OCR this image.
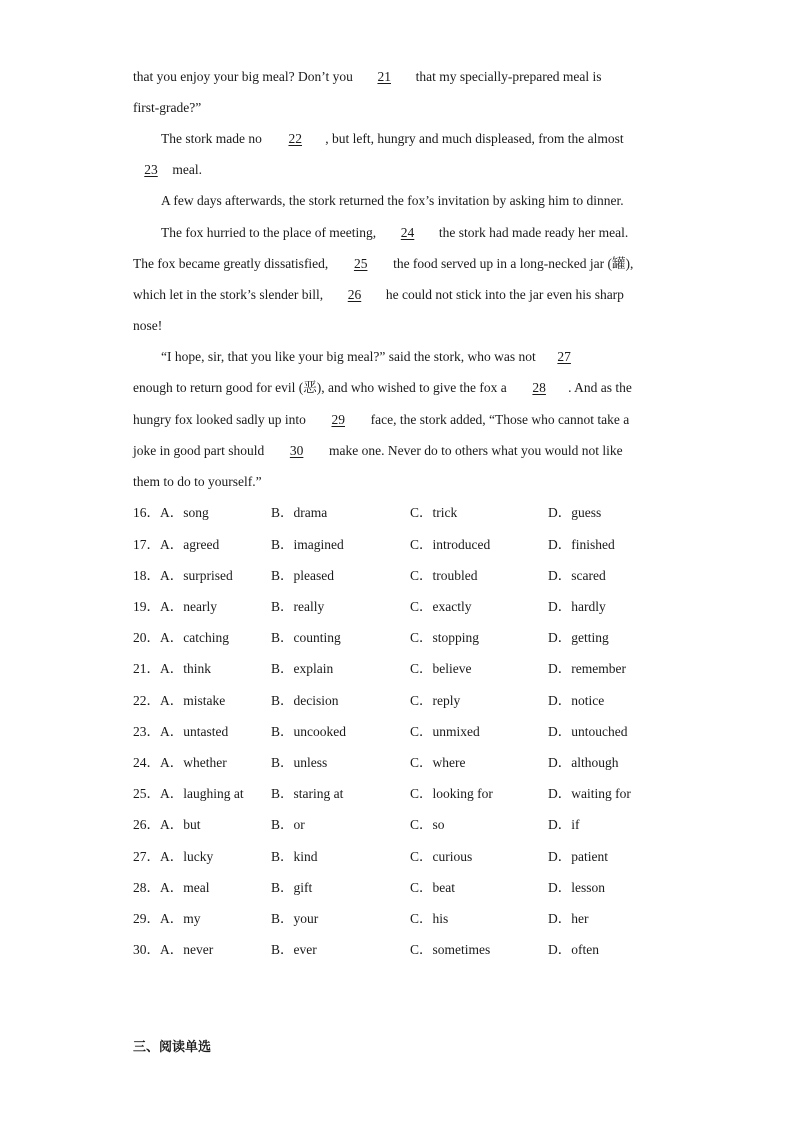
that you enjoy your big meal? Don’t you 21 that my specially-prepared meal is

first-grade?”

The stork made no 22 , but left, hungry and much displeased, from the almost

23 meal.

A few days afterwards, the stork returned the fox’s invitation by asking him to dinner.

The fox hurried to the place of meeting, 24 the stork had made ready her meal.

The fox became greatly dissatisfied, 25 the food served up in a long-necked jar (罐),

which let in the stork’s slender bill, 26 he could not stick into the jar even his sharp

nose!

“I hope, sir, that you like your big meal?” said the stork, who was not 27

enough to return good for evil (恶), and who wished to give the fox a 28 . And as the

hungry fox looked sadly up into 29 face, the stork added, “Those who cannot take a

joke in good part should 30 make one. Never do to others what you would not like

them to do to yourself.”

16． A．song	B．drama	C．trick	D．guess
17． A．agreed	B．imagined	C．introduced	D．finished
18． A．surprised	B．pleased	C．troubled	D．scared
19． A．nearly	B．really	C．exactly	D．hardly
20． A．catching	B．counting	C．stopping	D．getting
21． A．think	B．explain	C．believe	D．remember
22． A．mistake	B．decision	C．reply	D．notice
23． A．untasted	B．uncooked	C．unmixed	D．untouched
24． A．whether	B．unless	C．where	D．although
25． A．laughing at B．staring at	C．looking for	D．waiting for
26． A．but	B．or	C．so	D．if
27． A．lucky	B．kind	C．curious	D．patient
28． A．meal	B．gift	C．beat	D．lesson
29． A．my	B．your	C．his	D．her
30． A．never	B．ever	C．sometimes	D．often
三、阅读单选
